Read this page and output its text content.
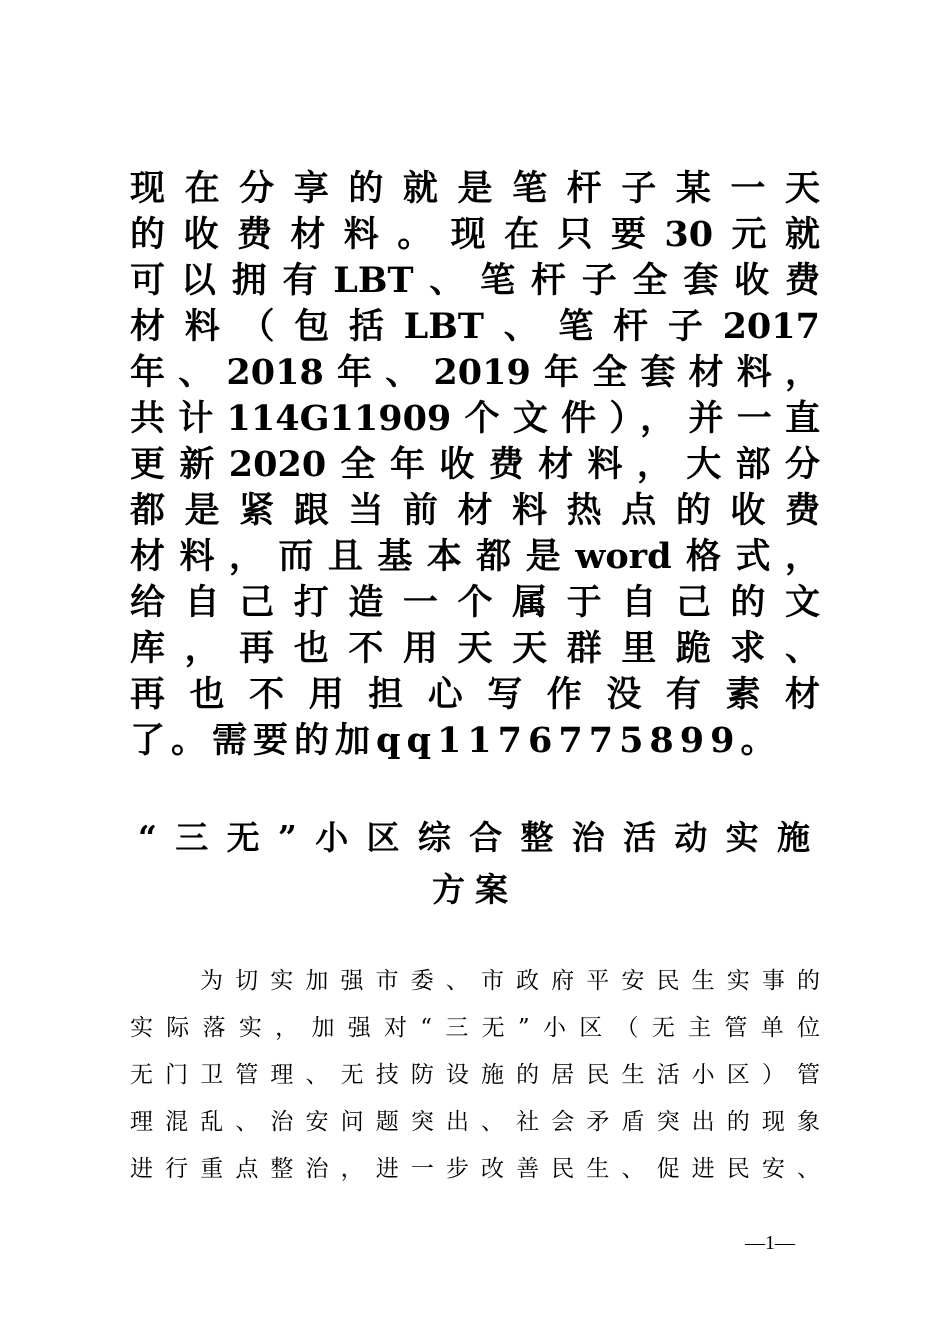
现在分享的就是笔杆子某一天
的收费材料。现在只要30元就
可以拥有LBT、笔杆子全套收费
材料（包括LBT、笔杆子2017
年、2018年、2019年全套材料，
共计114G11909个文件），并一直
更新2020全年收费材料，大部分
都是紧跟当前材料热点的收费
材料，而且基本都是word格式，
给自己打造一个属于自己的文
库，再也不用天天群里跪求、
再也不用担心写作没有素材
了。需要的加qq1176775899。
“三无”小区综合整治活动实施
方案
为切实加强市委、市政府平安民生实事的
实际落实，加强对“三无”小区（无主管单位
无门卫管理、无技防设施的居民生活小区）管
理混乱、治安问题突出、社会矛盾突出的现象
进行重点整治，进一步改善民生、促进民安、
—1—
